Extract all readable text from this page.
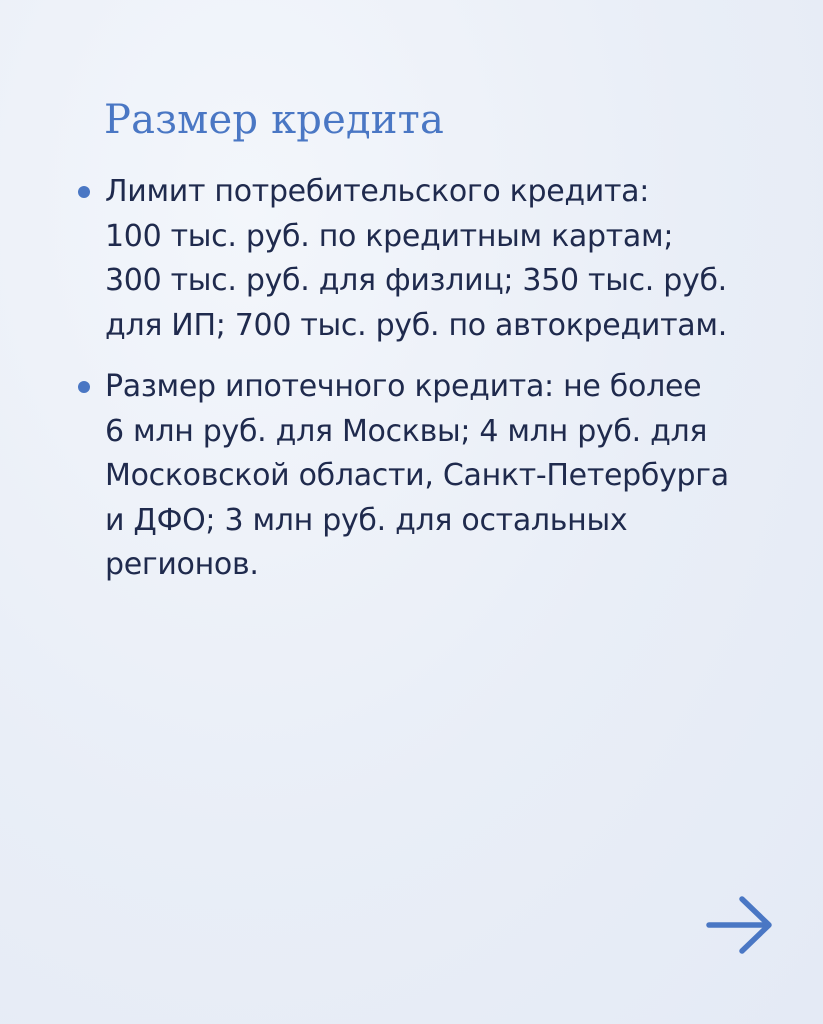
Размер кредита
Лимит потребительского кредита:
100 тыс. руб. по кредитным картам;
300 тыс. руб. для физлиц; 350 тыс. руб.
для ИП; 700 тыс. руб. по автокредитам.
Размер ипотечного кредита: не более
6 млн руб. для Москвы; 4 млн руб. для
Московской области, Санкт-Петербурга
и ДФО; 3 млн руб. для остальных
регионов.
